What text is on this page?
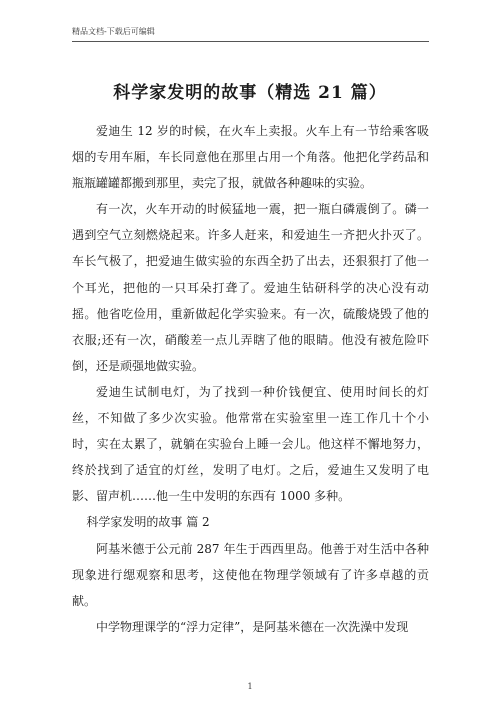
精品文档-下载后可编辑
科学家发明的故事（精选 21 篇）

爱迪生 12 岁的时候，在火车上卖报。火车上有一节给乘客吸烟的专用车厢，车长同意他在那里占用一个角落。他把化学药品和瓶瓶罐罐都搬到那里，卖完了报，就做各种趣味的实验。

有一次，火车开动的时候猛地一震，把一瓶白磷震倒了。磷一遇到空气立刻燃烧起来。许多人赶来，和爱迪生一齐把火扑灭了。车长气极了，把爱迪生做实验的东西全扔了出去，还狠狠打了他一个耳光，把他的一只耳朵打聋了。爱迪生钻研科学的决心没有动摇。他省吃俭用，重新做起化学实验来。有一次，硫酸烧毁了他的衣服;还有一次，硝酸差一点儿弄瞎了他的眼睛。他没有被危险吓倒，还是顽强地做实验。

爱迪生试制电灯，为了找到一种价钱便宜、使用时间长的灯丝，不知做了多少次实验。他常常在实验室里一连工作几十个小时，实在太累了，就躺在实验台上睡一会儿。他这样不懈地努力，终於找到了适宜的灯丝，发明了电灯。之后，爱迪生又发明了电影、留声机……他一生中发明的东西有 1000 多种。

科学家发明的故事 篇 2

阿基米德于公元前 287 年生于西西里岛。他善于对生活中各种现象进行缌观察和思考，这使他在物理学领域有了许多卓越的贡献。

中学物理课学的“浮力定律”，是阿基米德在一次洗澡中发现

1
